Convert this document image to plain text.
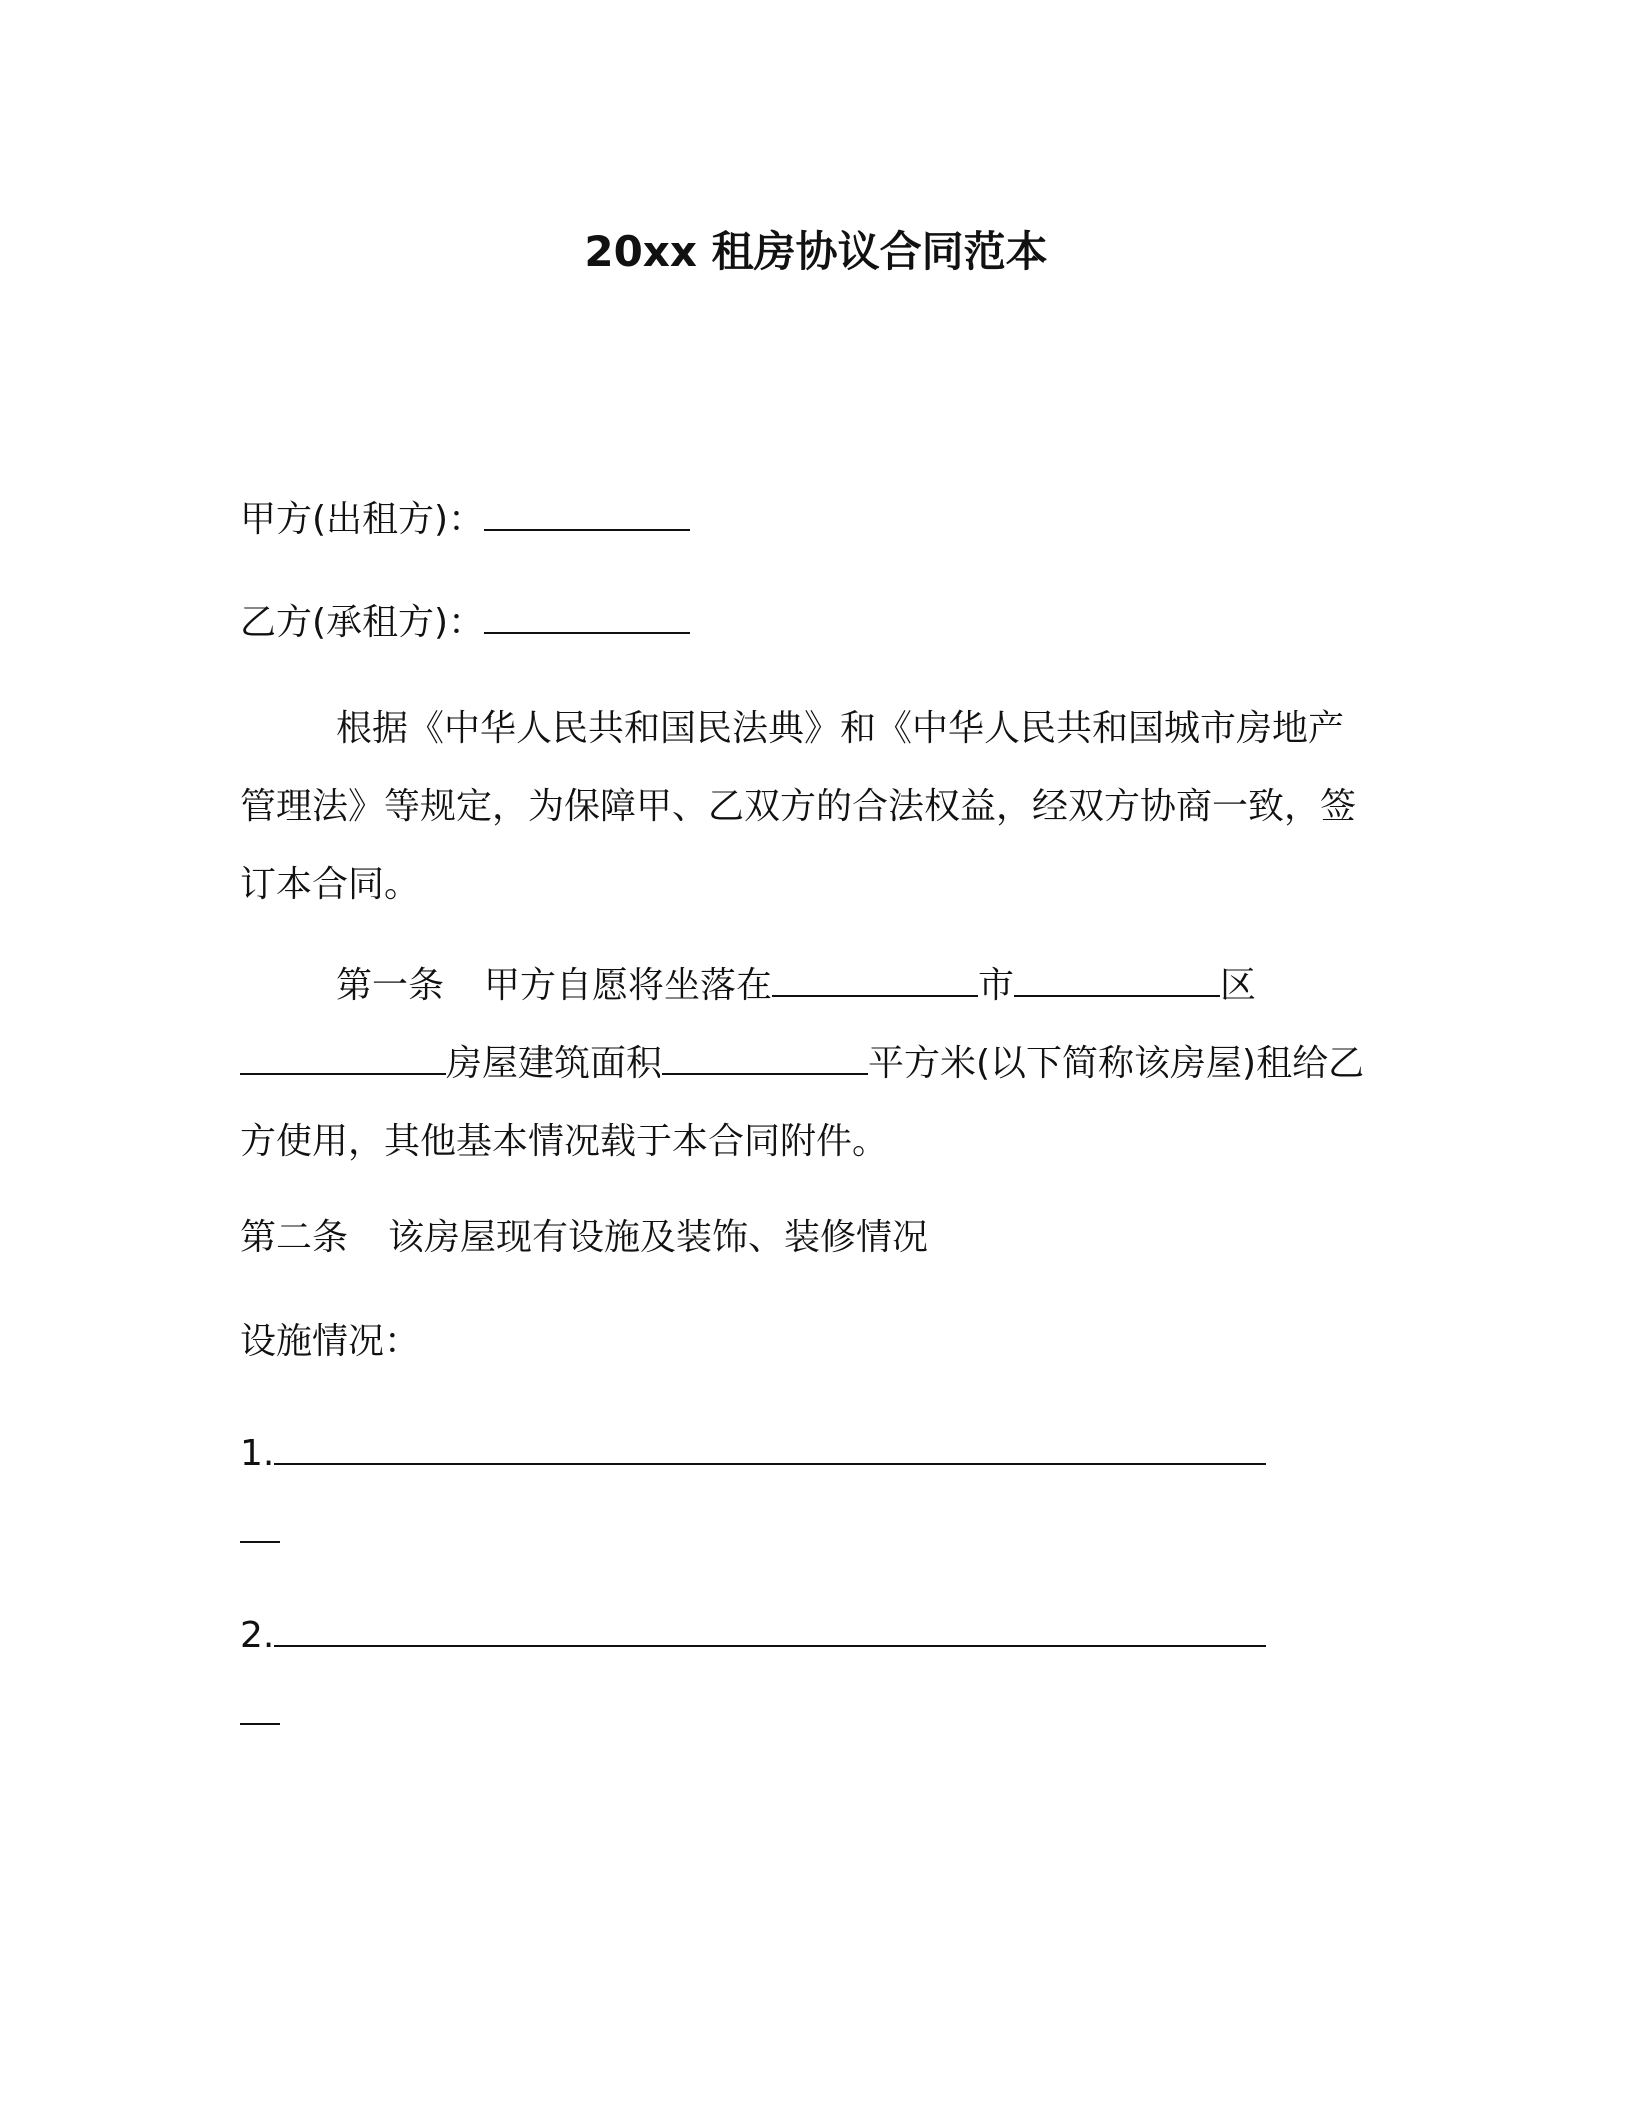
20xx 租房协议合同范本

甲方(出租方)：

乙方(承租方)：

根据《中华人民共和国民法典》和《中华人民共和国城市房地产管理法》等规定，为保障甲、乙双方的合法权益，经双方协商一致，签订本合同。

第一条 甲方自愿将坐落在	市	区房屋建筑面积	平方米(以下简称该房屋)租给乙方使用，其他基本情况载于本合同附件。

第二条 该房屋现有设施及装饰、装修情况

设施情况：

1.

2.
